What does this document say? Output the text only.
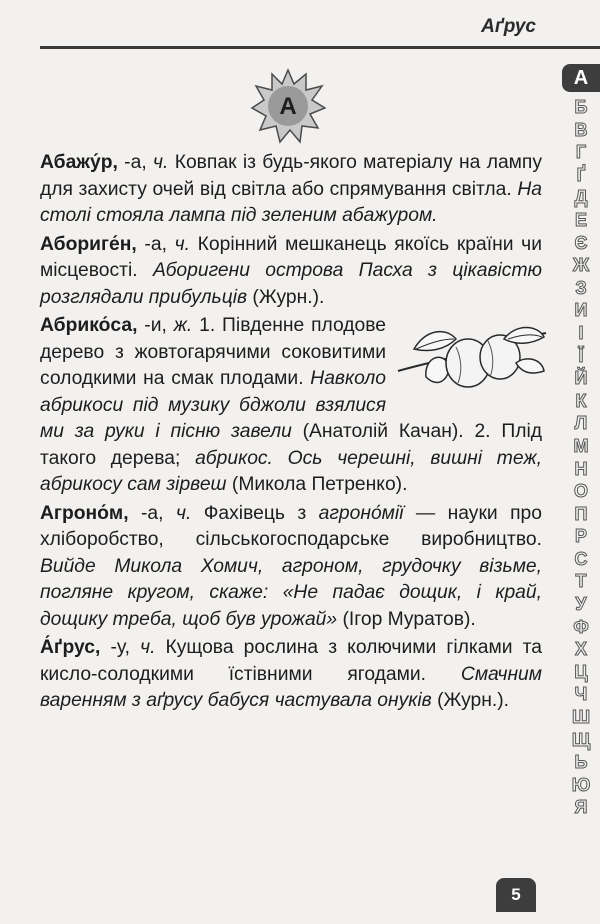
Аґрус
А

Абажу́р, -а, ч. Ковпак із будь-якого матеріалу на лампу для захисту очей від світла або спрямування світла. На столі стояла лампа під зеленим абажуром.

Абориге́н, -а, ч. Корінний мешканець якоїсь країни чи місцевості. Аборигени острова Пасха з цікавістю розглядали прибульців (Журн.).

Абрико́са, -и, ж. 1. Південне плодове дерево з жовтогарячими соковитими солодкими на смак плодами. Навколо абрикоси під музику бджоли взялися ми за руки і пісню завели (Анатолій Качан). 2. Плід такого дерева; абрикос. Ось черешні, вишні теж, абрикосу сам зірвеш (Микола Петренко).

Агроно́м, -а, ч. Фахівець з агроно́мії — науки про хліборобство, сільськогосподарське виробництво. Вийде Микола Хомич, агроном, грудочку візьме, погляне кругом, скаже: «Не падає дощик, і край, дощику треба, щоб був урожай» (Ігор Муратов).

А́ґрус, -у, ч. Кущова рослина з колючими гілками та кисло-солодкими їстівними ягодами. Смачним варенням з аґрусу бабуся частувала онуків (Журн.).

А
Б
В
Г
Ґ
Д
Е
Є
Ж
З
И
І
Ї
Й
К
Л
М
Н
О
П
Р
С
Т
У
Ф
Х
Ц
Ч
Ш
Щ
Ь
Ю
Я
5
